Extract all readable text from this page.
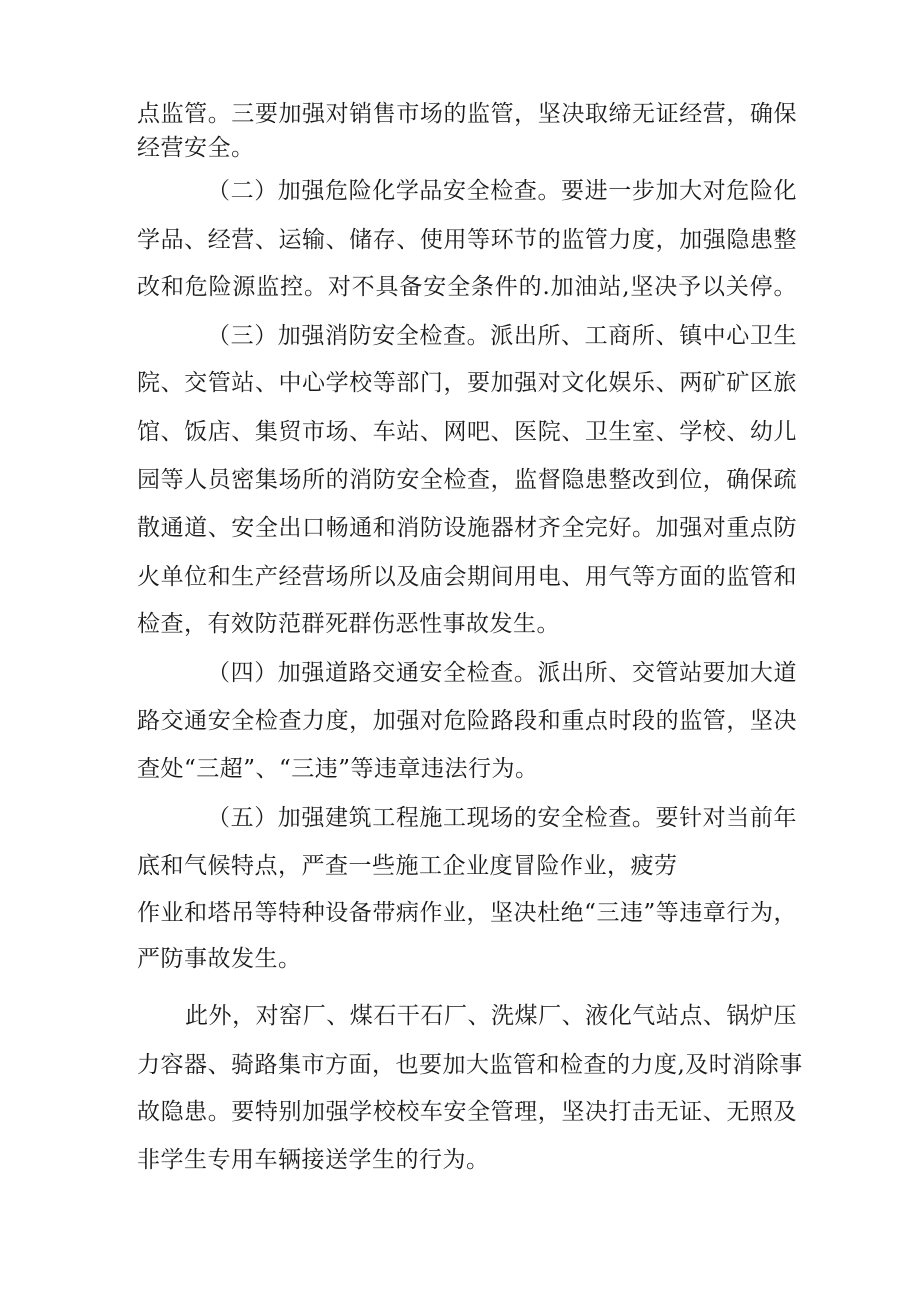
点监管。三要加强对销售市场的监管，坚决取缔无证经营，确保
经营安全。
（二）加强危险化学品安全检查。要进一步加大对危险化
学品、经营、运输、储存、使用等环节的监管力度，加强隐患整
改和危险源监控。对不具备安全条件的.加油站,坚决予以关停。
（三）加强消防安全检查。派出所、工商所、镇中心卫生
院、交管站、中心学校等部门，要加强对文化娱乐、两矿矿区旅
馆、饭店、集贸市场、车站、网吧、医院、卫生室、学校、幼儿
园等人员密集场所的消防安全检查，监督隐患整改到位，确保疏
散通道、安全出口畅通和消防设施器材齐全完好。加强对重点防
火单位和生产经营场所以及庙会期间用电、用气等方面的监管和
检查，有效防范群死群伤恶性事故发生。
（四）加强道路交通安全检查。派出所、交管站要加大道
路交通安全检查力度，加强对危险路段和重点时段的监管，坚决
查处“三超”、“三违”等违章违法行为。
（五）加强建筑工程施工现场的安全检查。要针对当前年
底和气候特点，严查一些施工企业度冒险作业，疲劳
作业和塔吊等特种设备带病作业，坚决杜绝“三违”等违章行为，
严防事故发生。
此外，对窑厂、煤石干石厂、洗煤厂、液化气站点、锅炉压
力容器、骑路集市方面，也要加大监管和检查的力度,及时消除事
故隐患。要特别加强学校校车安全管理，坚决打击无证、无照及
非学生专用车辆接送学生的行为。
